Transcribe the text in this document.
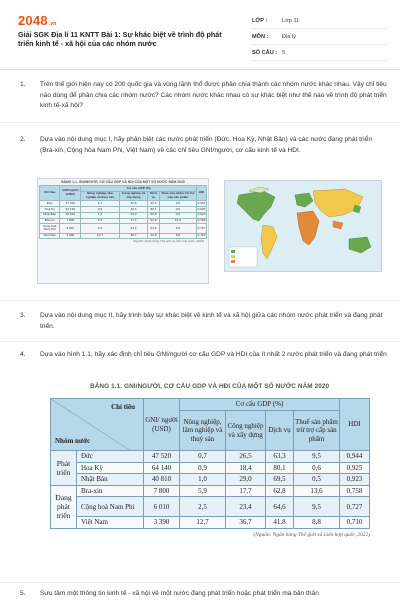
2048.vn
Giải SGK Địa lí 11 KNTT Bài 1: Sự khác biệt về trình độ phát triển kinh tế - xã hội của các nhóm nước
LỚP :	Lớp 11
MÔN :	Địa lý
SỐ CÂU : 5
1.	Trên thế giới hiện nay có 200 quốc gia và vùng lãnh thổ được phân chia thành các nhóm nước khác nhau. Vậy chỉ tiêu nào dùng để phân chia các nhóm nước? Các nhóm nước khác nhau có sự khác biệt như thế nào về trình độ phát triển kinh tế-xã hội?
2.	Dựa vào nội dung mục I, hãy phân biệt các nước phát triển (Đức, Hoa Kỳ, Nhật Bản) và các nước đang phát triển (Bra-xin, Cộng hòa Nam Phi, Việt Nam) về các chỉ tiêu GNI/người, cơ cấu kinh tế và HDI.
BẢNG 1.1. GNI/NGƯỜI, CƠ CẤU GDP VÀ HDI CỦA MỘT SỐ NƯỚC NĂM 2020
Chỉ tiêu	GNI/ người (USD)	Cơ cấu GDP (%)				HDI
		Nông nghiệp, lâm nghiệp và thuỷ sản	Công nghiệp và xây dựng	Dịch vụ	Thuế sản phẩm trừ trợ cấp sản phẩm	
Đức	47 520	0,7	26,5	63,3	9,5	0,944
Hoa Kỳ	64 140	0,9	18,4	80,1	0,6	0,925
Nhật Bản	40 810	1,0	29,0	69,5	0,5	0,923
Bra-xin	7 800	5,9	17,7	62,8	13,6	0,758
Cộng hoà Nam Phi	6 010	2,5	23,4	64,6	9,5	0,727
Việt Nam	3 390	12,7	36,7	41,8	8,8	0,710
(Nguồn: Ngân hàng Thế giới và Liên hợp quốc, 2022)
3.	Dựa vào nội dung mục II, hãy trình bày sự khác biệt về kinh tế và xã hội giữa các nhóm nước phát triển và đang phát triển.
4.	Dựa vào hình 1.1, hãy xác định chỉ tiêu GNI/người cơ cấu GDP và HDI của ít nhất 2 nước phát triển và đang phát triển
BẢNG 1.1. GNI/NGƯỜI, CƠ CẤU GDP VÀ HĐI CỦA MỘT SỐ NƯỚC NĂM 2020
Chỉ tiêu
Nhóm nước		GNI/ người (USD)	Cơ cấu GDP (%)				HDI
			Nông nghiệp, lâm nghiệp và thuỷ sản	Công nghiệp và xây dựng	Dịch vụ	Thuế sản phẩm trừ trợ cấp sản phẩm	
Phát triển	Đức	47 520	0,7	26,5	63,3	9,5	0,944
	Hoa Kỳ	64 140	0,9	18,4	80,1	0,6	0,925
	Nhật Bản	40 810	1,0	29,0	69,5	0,5	0,923
Đang phát triển	Bra-xin	7 800	5,9	17,7	62,8	13,6	0,758
	Cộng hoà Nam Phi	6 010	2,5	23,4	64,6	9,5	0,727
	Việt Nam	3 390	12,7	36,7	41,8	8,8	0,710
(Nguồn: Ngân hàng Thế giới và Liên hợp quốc, 2022)
5.	Sưu tầm một thông tin kinh tế - xã hội về một nước đang phát triển hoặc phát triển mà bản thân
